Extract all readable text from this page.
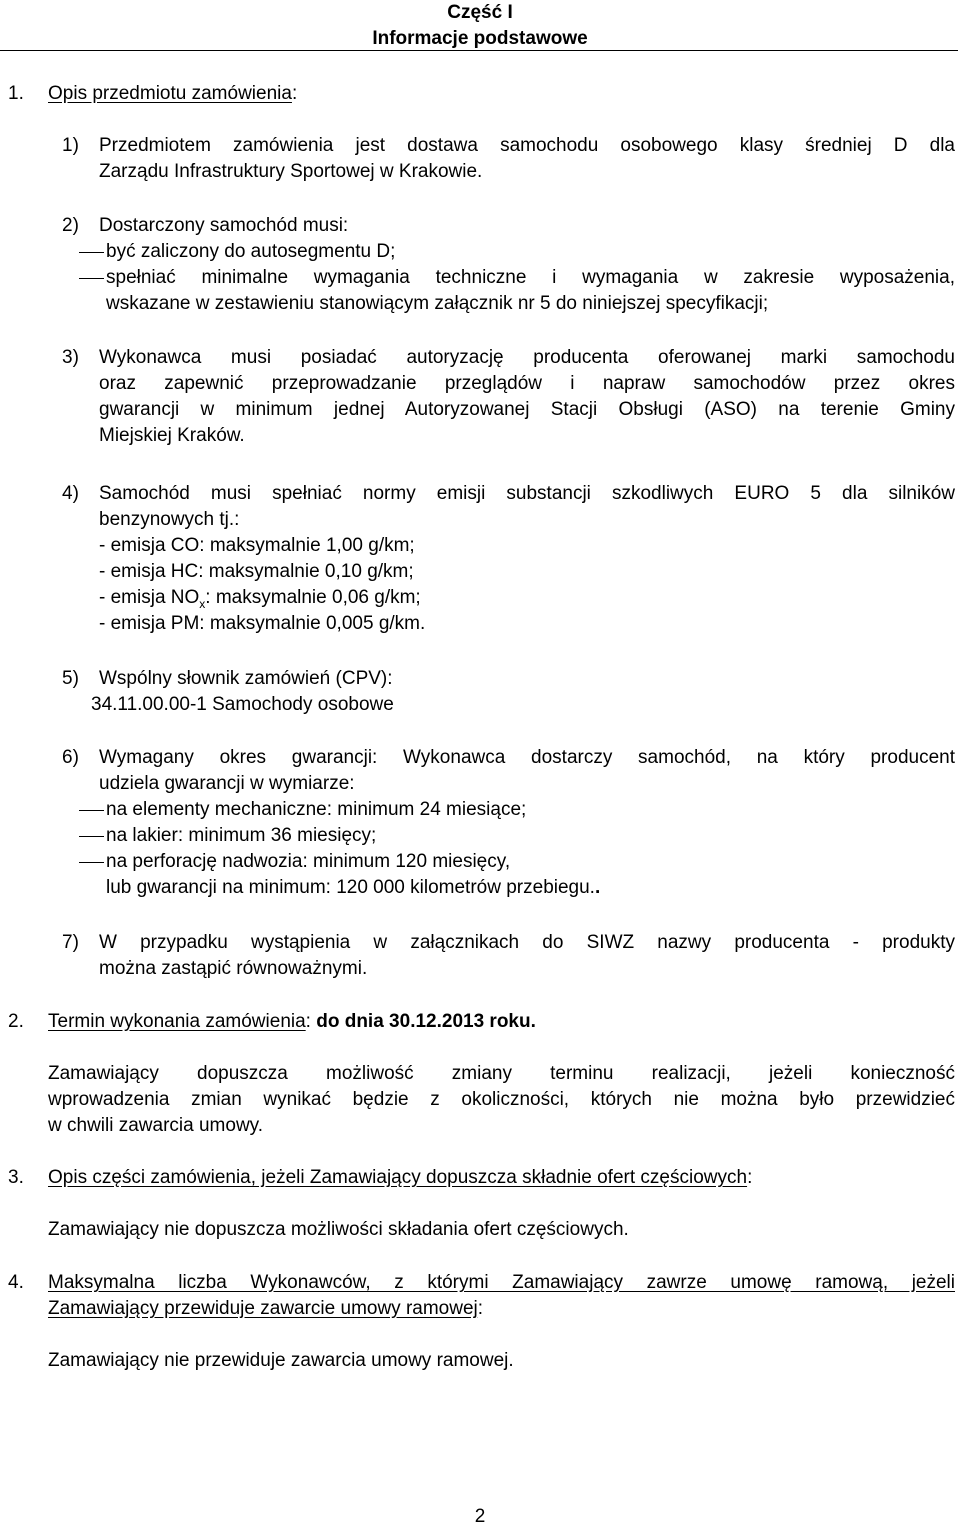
Część I
Informacje podstawowe
1. Opis przedmiotu zamówienia:
1) Przedmiotem zamówienia jest dostawa samochodu osobowego klasy średniej D dla
Zarządu Infrastruktury Sportowej w Krakowie.
2) Dostarczony samochód musi:
być zaliczony do autosegmentu D;
spełniać minimalne wymagania techniczne i wymagania w zakresie wyposażenia,
wskazane w zestawieniu stanowiącym załącznik nr 5 do niniejszej specyfikacji;
3) Wykonawca musi posiadać autoryzację producenta oferowanej marki samochodu
oraz zapewnić przeprowadzanie przeglądów i napraw samochodów przez okres
gwarancji w minimum jednej Autoryzowanej Stacji Obsługi (ASO) na terenie Gminy
Miejskiej Kraków.
4) Samochód musi spełniać normy emisji substancji szkodliwych EURO 5 dla silników
benzynowych tj.:
- emisja CO: maksymalnie 1,00 g/km;
- emisja HC: maksymalnie 0,10 g/km;
- emisja $NO_x$: maksymalnie 0,06 g/km;
- emisja PM: maksymalnie 0,005 g/km.
5) Wspólny słownik zamówień (CPV):
34.11.00.00-1 Samochody osobowe
6) Wymagany okres gwarancji: Wykonawca dostarczy samochód, na który producent
udziela gwarancji w wymiarze:
na elementy mechaniczne: minimum 24 miesiące;
na lakier: minimum 36 miesięcy;
na perforację nadwozia: minimum 120 miesięcy,
lub gwarancji na minimum: 120 000 kilometrów przebiegu..
7) W przypadku wystąpienia w załącznikach do SIWZ nazwy producenta - produkty
można zastąpić równoważnymi.
2. Termin wykonania zamówienia: do dnia 30.12.2013 roku.
Zamawiający dopuszcza możliwość zmiany terminu realizacji, jeżeli konieczność
wprowadzenia zmian wynikać będzie z okoliczności, których nie można było przewidzieć
w chwili zawarcia umowy.
3. Opis części zamówienia, jeżeli Zamawiający dopuszcza składnie ofert częściowych:
Zamawiający nie dopuszcza możliwości składania ofert częściowych.
4. Maksymalna liczba Wykonawców, z którymi Zamawiający zawrze umowę ramową, jeżeli
Zamawiający przewiduje zawarcie umowy ramowej:
Zamawiający nie przewiduje zawarcia umowy ramowej.
2
